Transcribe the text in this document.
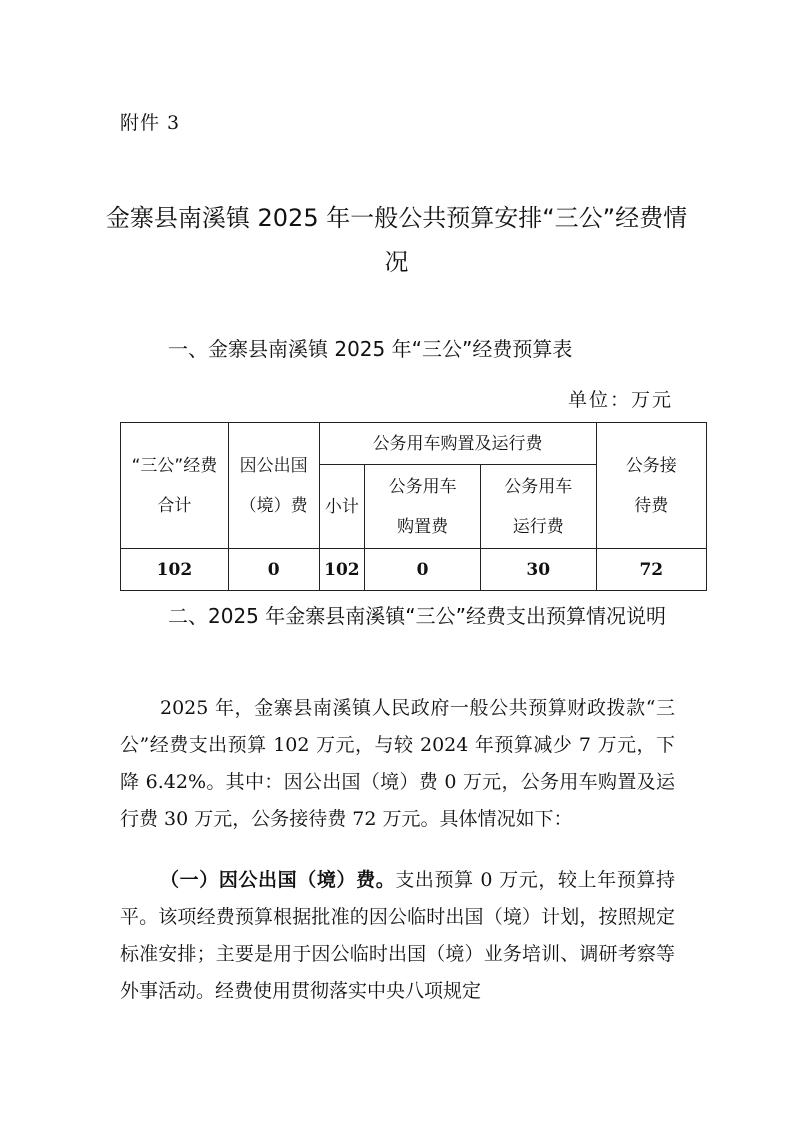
附件 3
金寨县南溪镇 2025 年一般公共预算安排“三公”经费情况
一、金寨县南溪镇 2025 年“三公”经费预算表
单位：万元
“三公”经费合计	因公出国（境）费	公务用车购置及运行费			公务接待费
		小计	公务用车购置费	公务用车运行费	
102	0	102	0	30	72
二、2025 年金寨县南溪镇“三公”经费支出预算情况说明

2025 年，金寨县南溪镇人民政府一般公共预算财政拨款“三公”经费支出预算 102 万元，与较 2024 年预算减少 7 万元，下降 6.42%。其中：因公出国（境）费 0 万元，公务用车购置及运行费 30 万元，公务接待费 72 万元。具体情况如下：

（一）因公出国（境）费。支出预算 0 万元，较上年预算持平。该项经费预算根据批准的因公临时出国（境）计划，按照规定标准安排；主要是用于因公临时出国（境）业务培训、调研考察等外事活动。经费使用贯彻落实中央八项规定
